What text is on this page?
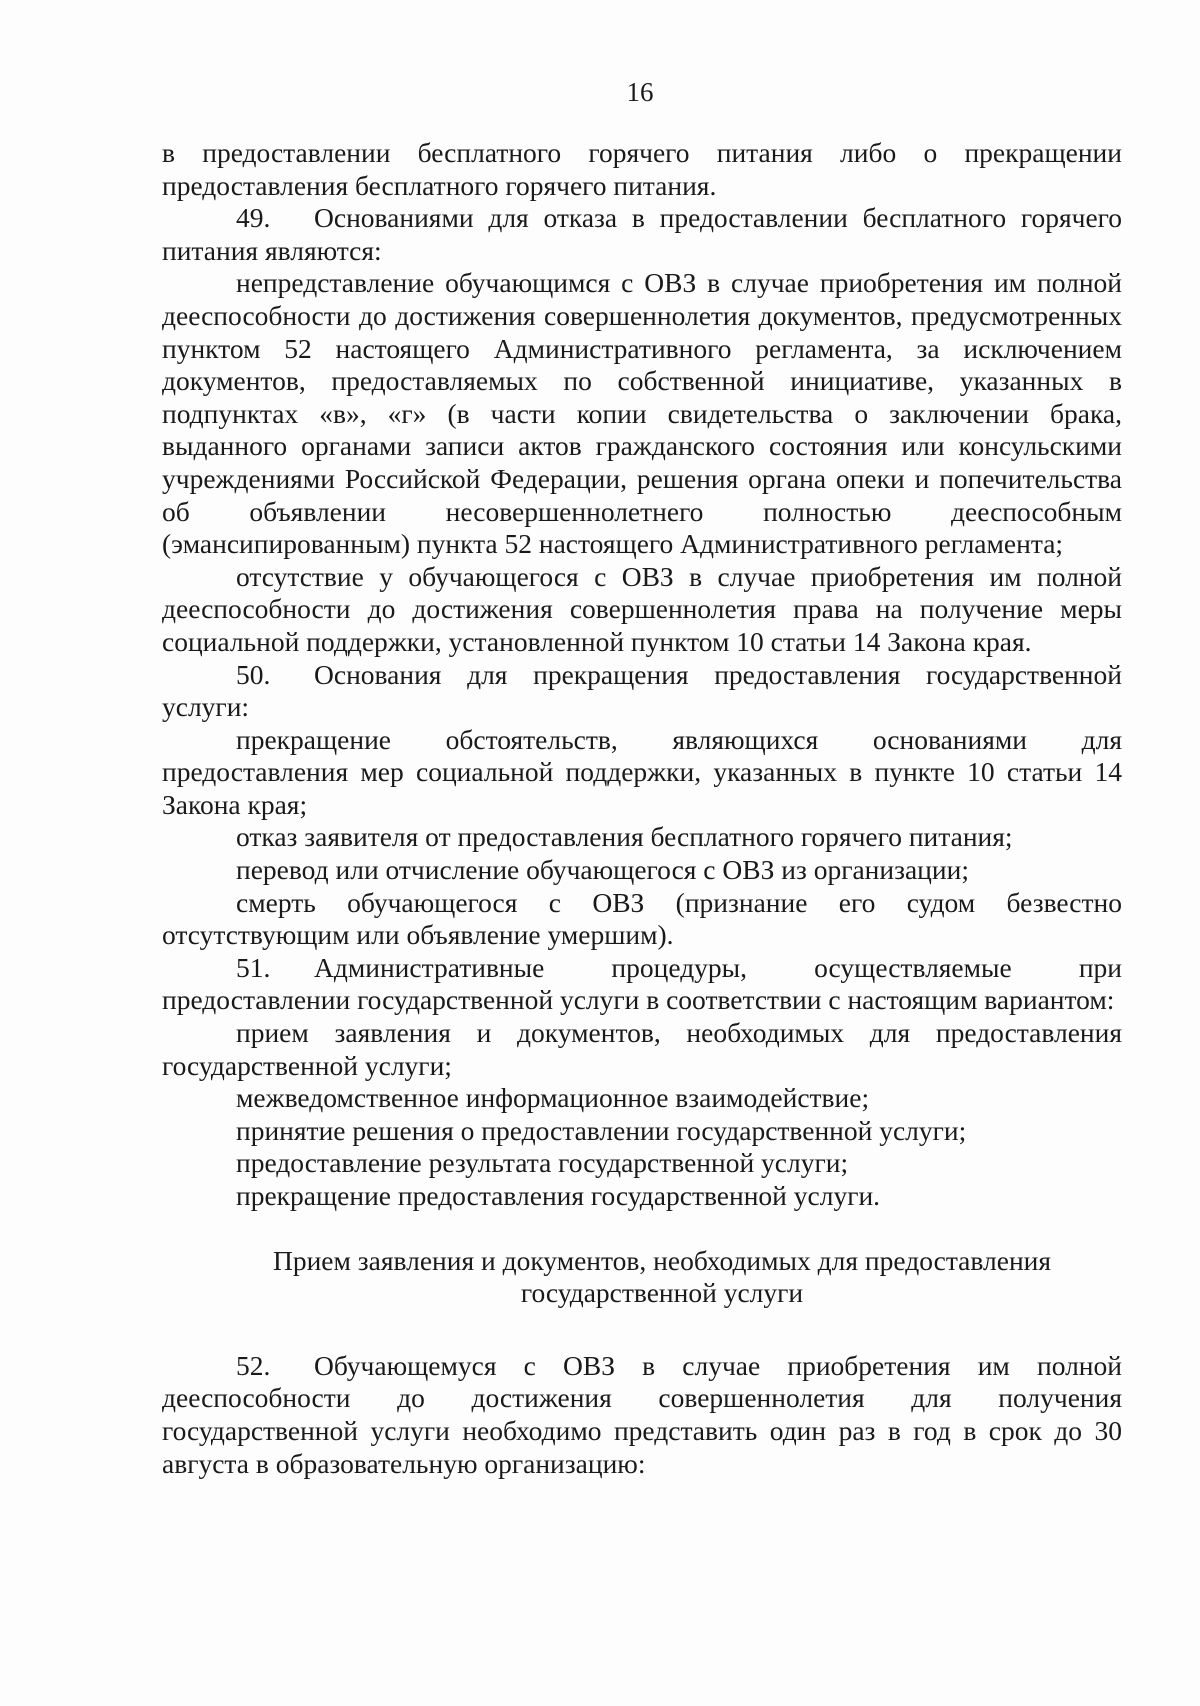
16

в предоставлении бесплатного горячего питания либо о прекращении предоставления бесплатного горячего питания.

49. Основаниями для отказа в предоставлении бесплатного горячего питания являются:

непредставление обучающимся с ОВЗ в случае приобретения им полной дееспособности до достижения совершеннолетия документов, предусмотренных пунктом 52 настоящего Административного регламента, за исключением документов, предоставляемых по собственной инициативе, указанных в подпунктах «в», «г» (в части копии свидетельства о заключении брака, выданного органами записи актов гражданского состояния или консульскими учреждениями Российской Федерации, решения органа опеки и попечительства об объявлении несовершеннолетнего полностью дееспособным (эмансипированным) пункта 52 настоящего Административного регламента;

отсутствие у обучающегося с ОВЗ в случае приобретения им полной дееспособности до достижения совершеннолетия права на получение меры социальной поддержки, установленной пунктом 10 статьи 14 Закона края.

50. Основания для прекращения предоставления государственной услуги:

прекращение обстоятельств, являющихся основаниями для предоставления мер социальной поддержки, указанных в пункте 10 статьи 14 Закона края;

отказ заявителя от предоставления бесплатного горячего питания;

перевод или отчисление обучающегося с ОВЗ из организации;

смерть обучающегося с ОВЗ (признание его судом безвестно отсутствующим или объявление умершим).

51. Административные процедуры, осуществляемые при предоставлении государственной услуги в соответствии с настоящим вариантом:

прием заявления и документов, необходимых для предоставления государственной услуги;

межведомственное информационное взаимодействие;

принятие решения о предоставлении государственной услуги;

предоставление результата государственной услуги;

прекращение предоставления государственной услуги.

Прием заявления и документов, необходимых для предоставления государственной услуги

52. Обучающемуся с ОВЗ в случае приобретения им полной дееспособности до достижения совершеннолетия для получения государственной услуги необходимо представить один раз в год в срок до 30 августа в образовательную организацию:
